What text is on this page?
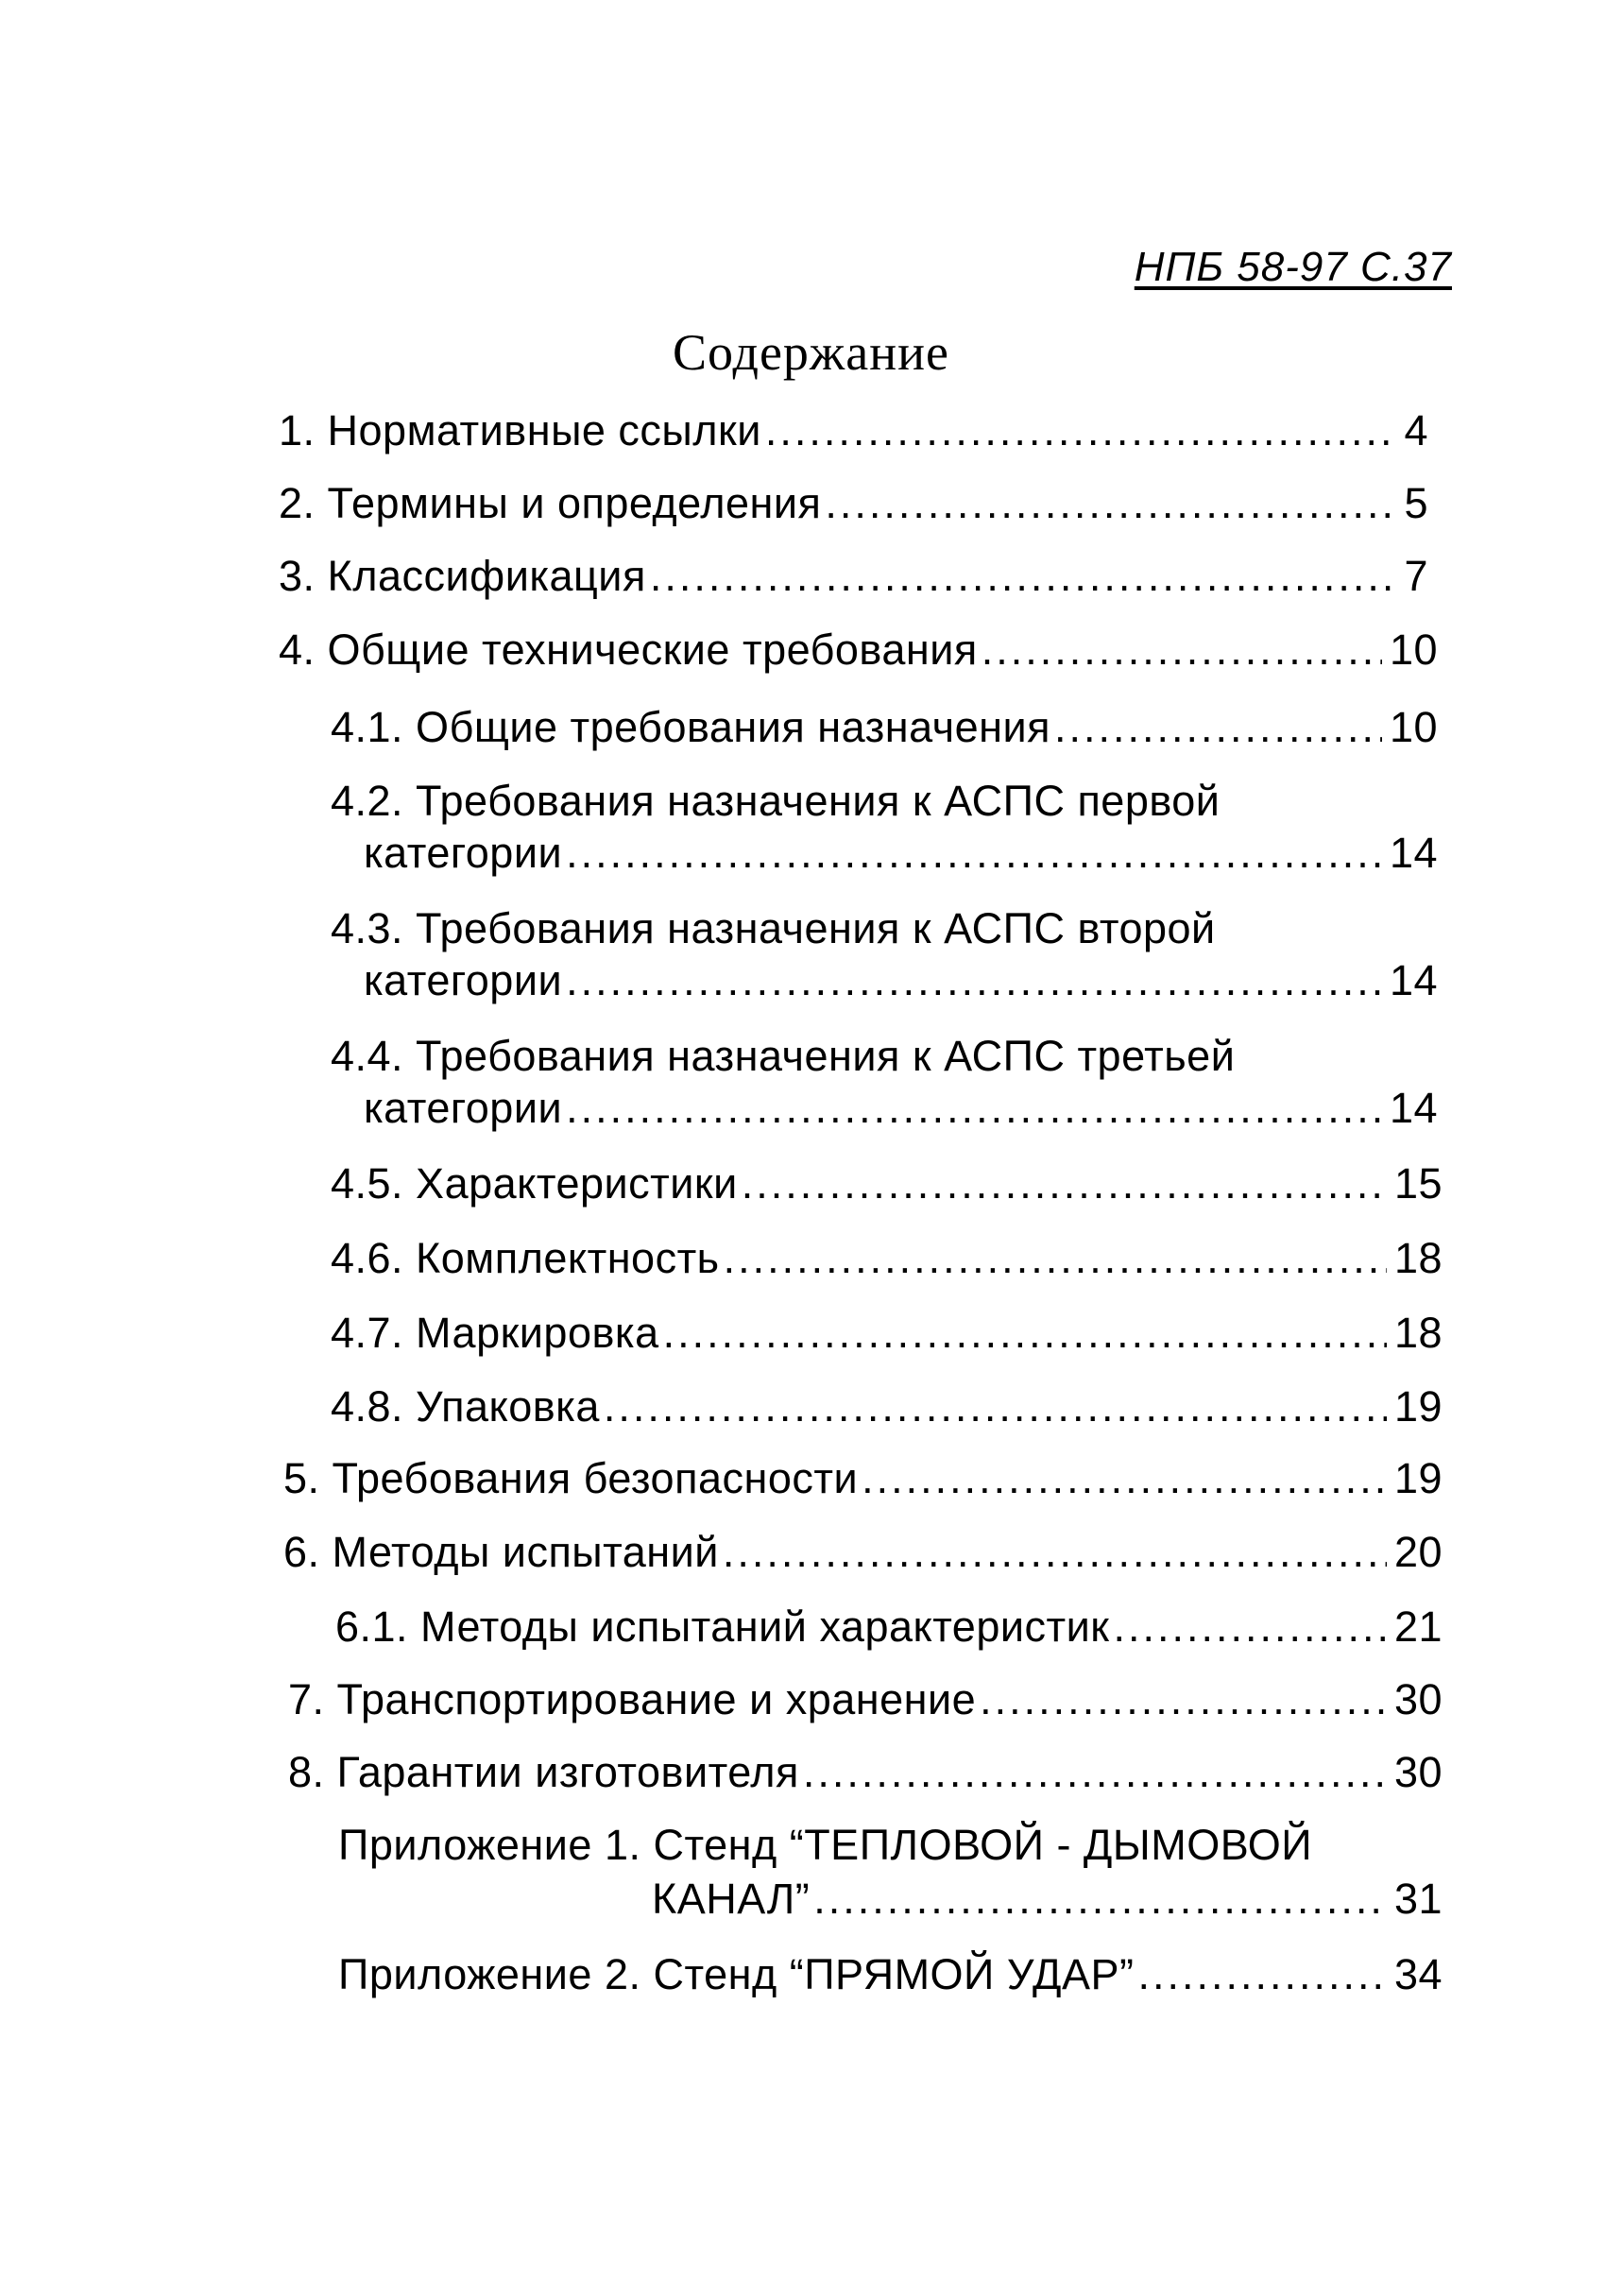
НПБ 58-97 С.37
Содержание
1. Нормативные ссылки .....	4
2. Термины и определения .....	5
3. Классификация .....	7
4. Общие технические требования .....	10
4.1. Общие требования назначения .....	10
4.2. Требования назначения к АСПС первой
категории .....	14
4.3. Требования назначения к АСПС второй
категории .....	14
4.4. Требования назначения к АСПС третьей
категории .....	14
4.5. Характеристики .....	15
4.6. Комплектность .....	18
4.7. Маркировка .....	18
4.8. Упаковка .....	19
5. Требования безопасности .....	19
6. Методы испытаний .....	20
6.1. Методы испытаний характеристик .....	21
7. Транспортирование и хранение .....	30
8. Гарантии изготовителя .....	30
Приложение 1. Стенд “ТЕПЛОВОЙ - ДЫМОВОЙ
КАНАЛ” .....	31
Приложение 2. Стенд “ПРЯМОЙ УДАР” .....	34
